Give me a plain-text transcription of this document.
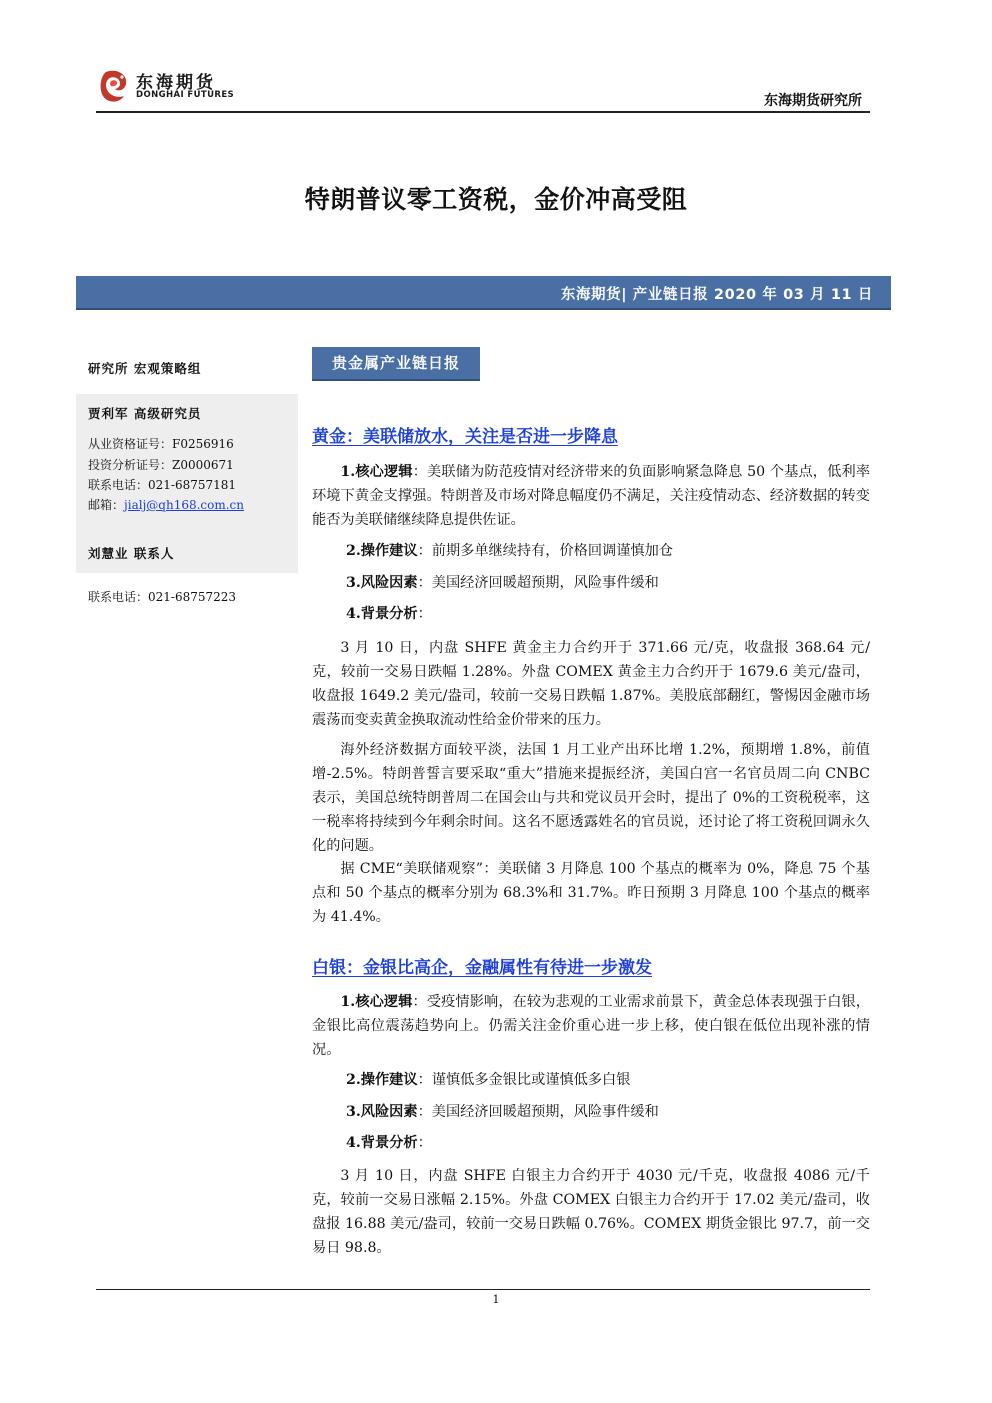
东海期货
DONGHAI FUTURES	东海期货研究所
特朗普议零工资税，金价冲高受阻
东海期货| 产业链日报 2020 年 03 月 11 日
研究所 宏观策略组
贾利军 高级研究员
从业资格证号：F0256916
投资分析证号：Z0000671
联系电话：021-68757181
邮箱：jialj@qh168.com.cn
刘慧业 联系人
联系电话：021-68757223
贵金属产业链日报
黄金：美联储放水，关注是否进一步降息
1.核心逻辑：美联储为防范疫情对经济带来的负面影响紧急降息 50 个基点，低利率环境下黄金支撑强。特朗普及市场对降息幅度仍不满足，关注疫情动态、经济数据的转变能否为美联储继续降息提供佐证。
2.操作建议：前期多单继续持有，价格回调谨慎加仓
3.风险因素：美国经济回暖超预期，风险事件缓和
4.背景分析：
3 月 10 日，内盘 SHFE 黄金主力合约开于 371.66 元/克，收盘报 368.64 元/克，较前一交易日跌幅 1.28%。外盘 COMEX 黄金主力合约开于 1679.6 美元/盎司，收盘报 1649.2 美元/盎司，较前一交易日跌幅 1.87%。美股底部翻红，警惕因金融市场震荡而变卖黄金换取流动性给金价带来的压力。
海外经济数据方面较平淡，法国 1 月工业产出环比增 1.2%，预期增 1.8%，前值增-2.5%。特朗普誓言要采取“重大”措施来提振经济，美国白宫一名官员周二向 CNBC 表示，美国总统特朗普周二在国会山与共和党议员开会时，提出了 0%的工资税税率，这一税率将持续到今年剩余时间。这名不愿透露姓名的官员说，还讨论了将工资税回调永久化的问题。
据 CME“美联储观察”：美联储 3 月降息 100 个基点的概率为 0%，降息 75 个基点和 50 个基点的概率分别为 68.3%和 31.7%。昨日预期 3 月降息 100 个基点的概率为 41.4%。
白银：金银比高企，金融属性有待进一步激发
1.核心逻辑：受疫情影响，在较为悲观的工业需求前景下，黄金总体表现强于白银，金银比高位震荡趋势向上。仍需关注金价重心进一步上移，使白银在低位出现补涨的情况。
2.操作建议：谨慎低多金银比或谨慎低多白银
3.风险因素：美国经济回暖超预期，风险事件缓和
4.背景分析：
3 月 10 日，内盘 SHFE 白银主力合约开于 4030 元/千克，收盘报 4086 元/千克，较前一交易日涨幅 2.15%。外盘 COMEX 白银主力合约开于 17.02 美元/盎司，收盘报 16.88 美元/盎司，较前一交易日跌幅 0.76%。COMEX 期货金银比 97.7，前一交易日 98.8。
1
